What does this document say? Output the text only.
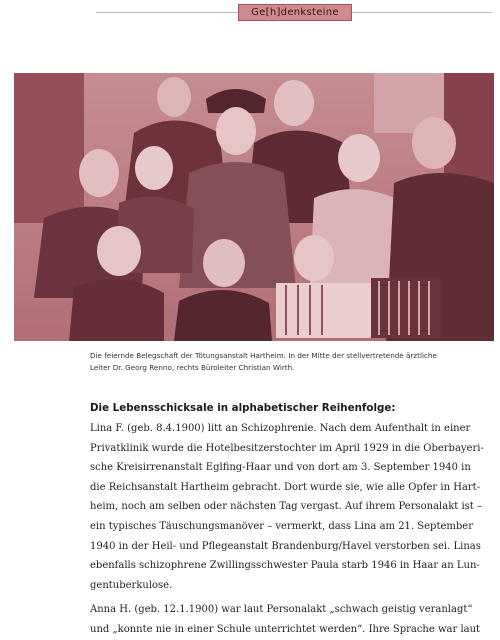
Ge[h]denksteine

Die feiernde Belegschaft der Tötungsanstalt Hartheim: In der Mitte der stellvertretende ärztliche
Leiter Dr. Georg Renno, rechts Büroleiter Christian Wirth.

Die Lebensschicksale in alphabetischer Reihenfolge:

Lina F. (geb. 8.4.1900) litt an Schizophrenie. Nach dem Aufenthalt in einer
Privatklinik wurde die Hotelbesitzerstochter im April 1929 in die Oberbayeri-
sche Kreisirrenanstalt Eglfing-Haar und von dort am 3. September 1940 in
die Reichsanstalt Hartheim gebracht. Dort wurde sie, wie alle Opfer in Hart-
heim, noch am selben oder nächsten Tag vergast. Auf ihrem Personalakt ist –
ein typisches Täuschungsmanöver – vermerkt, dass Lina am 21. September
1940 in der Heil- und Pflegeanstalt Brandenburg/Havel verstorben sei. Linas
ebenfalls schizophrene Zwillingsschwester Paula starb 1946 in Haar an Lun-
gentuberkulose.

Anna H. (geb. 12.1.1900) war laut Personalakt „schwach geistig veranlagt“
und „konnte nie in einer Schule unterrichtet werden“. Ihre Sprache war laut
